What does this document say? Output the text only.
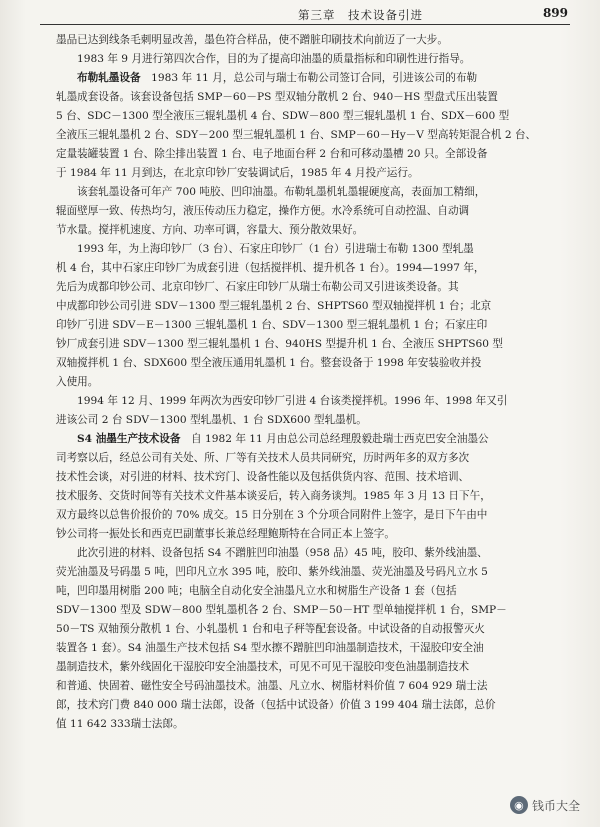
第三章　技术设备引进	899
墨品已达到线条毛刺明显改善，墨色符合样品，使不蹭脏印刷技术向前迈了一大步。
1983 年 9 月进行第四次合作，目的为了提高印油墨的质量指标和印刷性进行指导。
布勒轧墨设备　1983 年 11 月，总公司与瑞士布勒公司签订合同，引进该公司的布勒
轧墨成套设备。该套设备包括 SMP－60－PS 型双轴分散机 2 台、940－HS 型盘式压出装置
5 台、SDC－1300 型全液压三辊轧墨机 4 台、SDW－800 型三辊轧墨机 1 台、SDX－600 型
全液压三辊轧墨机 2 台、SDY－200 型三辊轧墨机 1 台、SMP－60－Hy－V 型高转矩混合机 2 台、
定量装罐装置 1 台、除尘排出装置 1 台、电子地面台秤 2 台和可移动墨槽 20 只。全部设备
于 1984 年 11 月到达，在北京印钞厂安装调试后，1985 年 4 月投产运行。
该套轧墨设备可年产 700 吨胶、凹印油墨。布勒轧墨机轧墨辊硬度高，表面加工精细，
辊面壁厚一致、传热均匀，液压传动压力稳定，操作方便。水冷系统可自动控温、自动调
节水量。搅拌机速度、方向、功率可调，容量大、预分散效果好。
1993 年，为上海印钞厂（3 台）、石家庄印钞厂（1 台）引进瑞士布勒 1300 型轧墨
机 4 台，其中石家庄印钞厂为成套引进（包括搅拌机、提升机各 1 台）。1994—1997 年，
先后为成都印钞公司、北京印钞厂、石家庄印钞厂从瑞士布勒公司又引进该类设备。其
中成都印钞公司引进 SDV－1300 型三辊轧墨机 2 台、SHPTS60 型双轴搅拌机 1 台；北京
印钞厂引进 SDV－E－1300 三辊轧墨机 1 台、SDV－1300 型三辊轧墨机 1 台；石家庄印
钞厂成套引进 SDV－1300 型三辊轧墨机 1 台、940HS 型提升机 1 台、全液压 SHPTS60 型
双轴搅拌机 1 台、SDX600 型全液压通用轧墨机 1 台。整套设备于 1998 年安装验收并投
入使用。
1994 年 12 月、1999 年两次为西安印钞厂引进 4 台该类搅拌机。1996 年、1998 年又引
进该公司 2 台 SDV－1300 型轧墨机、1 台 SDX600 型轧墨机。
S4 油墨生产技术设备　自 1982 年 11 月由总公司总经理殷毅赴瑞士西克巴安全油墨公
司考察以后，经总公司有关处、所、厂等有关技术人员共同研究，历时两年多的双方多次
技术性会谈，对引进的材料、技术窍门、设备性能以及包括供货内容、范围、技术培训、
技术服务、交货时间等有关技术文件基本谈妥后，转入商务谈判。1985 年 3 月 13 日下午，
双方最终以总售价报价的 70% 成交。15 日分别在 3 个分项合同附件上签字，是日下午由中
钞公司将一振处长和西克巴副董事长兼总经理鲍斯特在合同正本上签字。
此次引进的材料、设备包括 S4 不蹭脏凹印油墨（958 品）45 吨，胶印、紫外线油墨、
荧光油墨及号码墨 5 吨，凹印凡立水 395 吨，胶印、紫外线油墨、荧光油墨及号码凡立水 5
吨，凹印墨用树脂 200 吨；电脑全自动化安全油墨凡立水和树脂生产设备 1 套（包括
SDV－1300 型及 SDW－800 型轧墨机各 2 台、SMP－50－HT 型单轴搅拌机 1 台，SMP－
50－TS 双轴预分散机 1 台、小轧墨机 1 台和电子秤等配套设备。中试设备的自动报警灭火
装置各 1 套）。S4 油墨生产技术包括 S4 型水擦不蹭脏凹印油墨制造技术，干湿胶印安全油
墨制造技术，紫外线固化干湿胶印安全油墨技术，可见不可见干湿胶印变色油墨制造技术
和普通、快固着、磁性安全号码油墨技术。油墨、凡立水、树脂材料价值 7 604 929 瑞士法
郎，技术窍门费 840 000 瑞士法郎，设备（包括中试设备）价值 3 199 404 瑞士法郎，总价
值 11 642 333瑞士法郎。
◉ 钱币大全
